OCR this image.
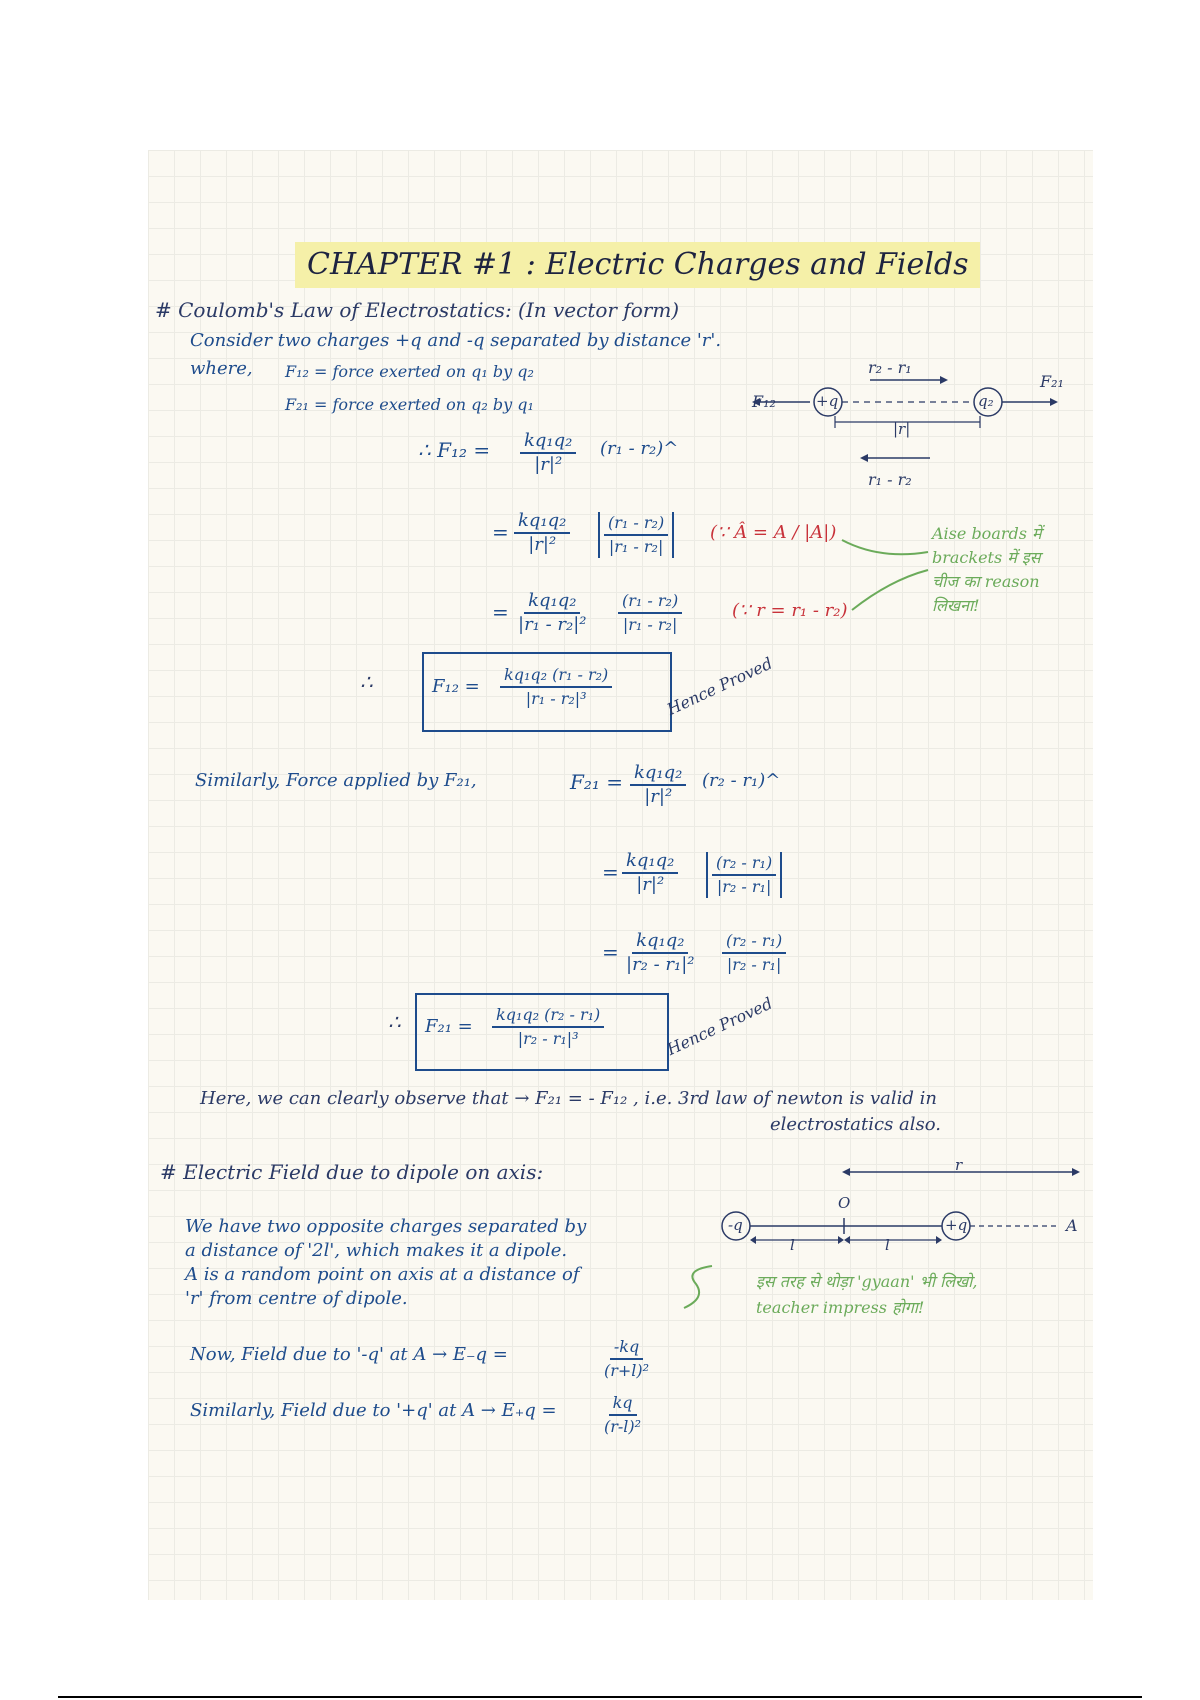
CHAPTER #1 : Electric Charges and Fields
# Coulomb's Law of Electrostatics: (In vector form)
Consider two charges +q and -q separated by distance 'r'.
where, F₁₂ = force exerted on q₁ by q₂
F₂₁ = force exerted on q₂ by q₁
∴ $F_{12} = \frac{\text{kq₁q₂}}{\text{|r|²}} (r_1$ - r₂)^
= $\frac{\text{kq₁q₂}}{\text{|r|²}} \frac{\text{(r₁ - r₂)}}{\text{|r₁ - r₂|}}$ (∵ Â = A / |A|)
= $\frac{\text{kq₁q₂}}{\text{|r₁ - r₂|²}} \frac{\text{(r₁ - r₂)}}{\text{|r₁ - r₂|}}$	(∵ r = r₁ - r₂)
∴	$F_{12} = \frac{\text{kq₁q₂ (r₁ - r₂)}}{\text{|r₁ - r₂|³}}$	Hence Proved
Aise boards में
brackets में इस
चीज का reason
लिखना!
F₁₂
F₂₁
+q	q₂
r₂ - r₁
r₁ - r₂
|r|
Similarly, Force applied by F₂₁,	$F_{21} = \frac{\text{kq₁q₂}}{\text{|r|²}} (r_2$ - r₁)^
= $\frac{\text{kq₁q₂}}{\text{|r|²}} \frac{\text{(r₂ - r₁)}}{\text{|r₂ - r₁|}}$
= $\frac{\text{kq₁q₂}}{\text{|r₂ - r₁|²}} \frac{\text{(r₂ - r₁)}}{\text{|r₂ - r₁|}}$
∴ $F_{21} = \frac{\text{kq₁q₂ (r₂ - r₁)}}{\text{|r₂ - r₁|³}}$	Hence Proved
Here, we can clearly observe that → F₂₁ = - F₁₂ , i.e. 3rd law of newton is valid in
electrostatics also.
# Electric Field due to dipole on axis:
We have two opposite charges separated by
a distance of '2l', which makes it a dipole.
A is a random point on axis at a distance of
'r' from centre of dipole.
-q	+q
O
r
l	l
A
इस तरह से थोड़ा 'gyaan' भी लिखो,
teacher impress होगा!
Now, Field due to '-q' at A → E₋q =	$\frac{-kq}{\text{(r+l)²}}$
Similarly, Field due to '+q' at A → E₊q =	$\frac{kq}{\text{(r-l)²}}$
